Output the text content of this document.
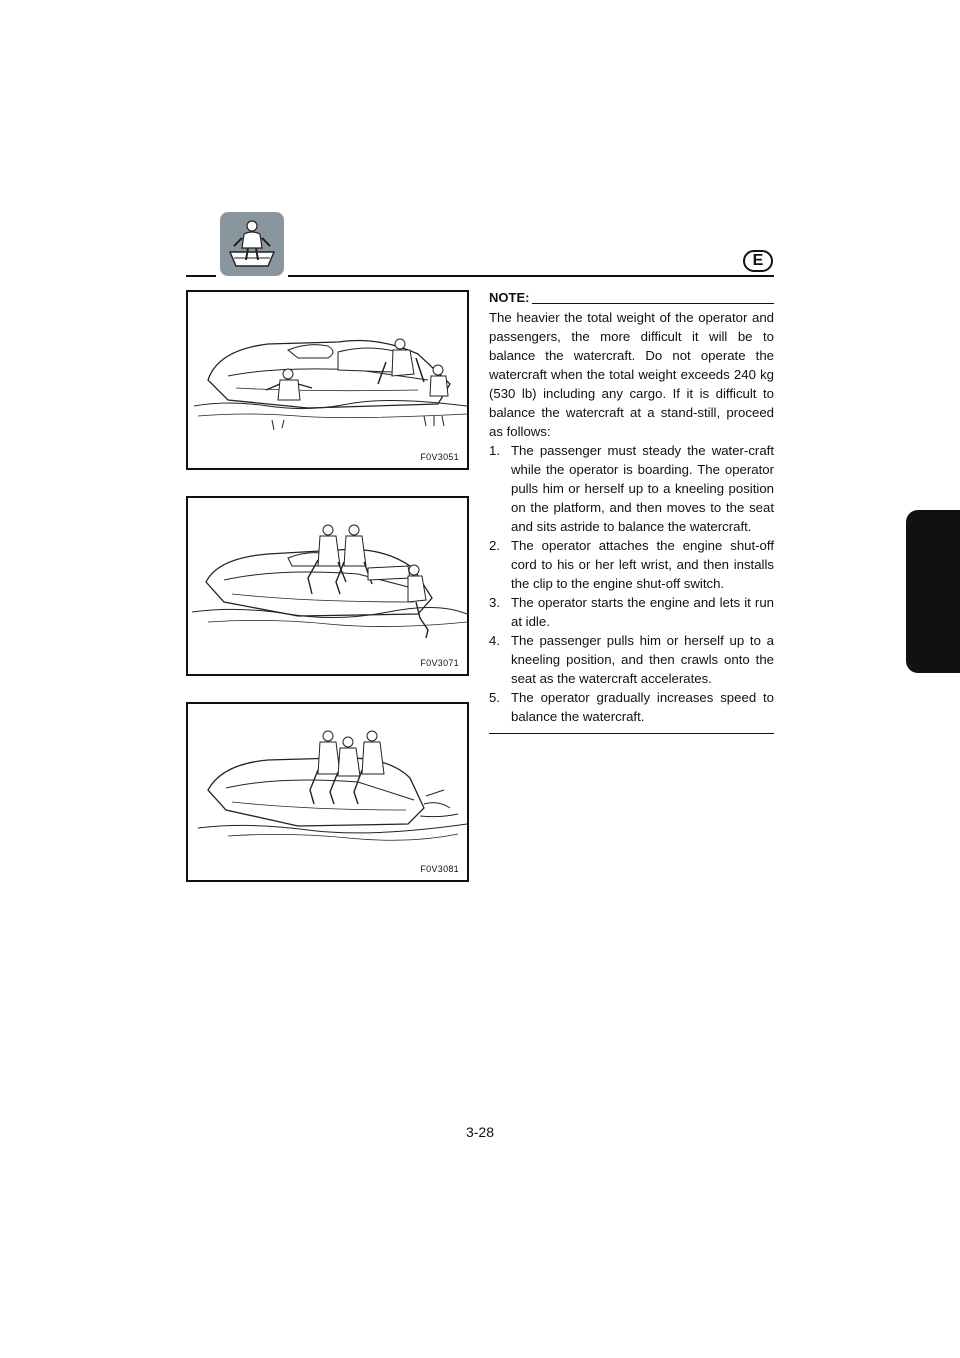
E
F0V3051
F0V3071
F0V3081
NOTE:

The heavier the total weight of the operator and passengers, the more difficult it will be to balance the watercraft. Do not operate the watercraft when the total weight exceeds 240 kg (530 lb) including any cargo. If it is difficult to balance the watercraft at a stand-still, proceed as follows:

1. The passenger must steady the water-craft while the operator is boarding. The operator pulls him or herself up to a kneeling position on the platform, and then moves to the seat and sits astride to balance the watercraft.
2. The operator attaches the engine shut-off cord to his or her left wrist, and then installs the clip to the engine shut-off switch.
3. The operator starts the engine and lets it run at idle.
4. The passenger pulls him or herself up to a kneeling position, and then crawls onto the seat as the watercraft accelerates.
5. The operator gradually increases speed to balance the watercraft.
3-28
